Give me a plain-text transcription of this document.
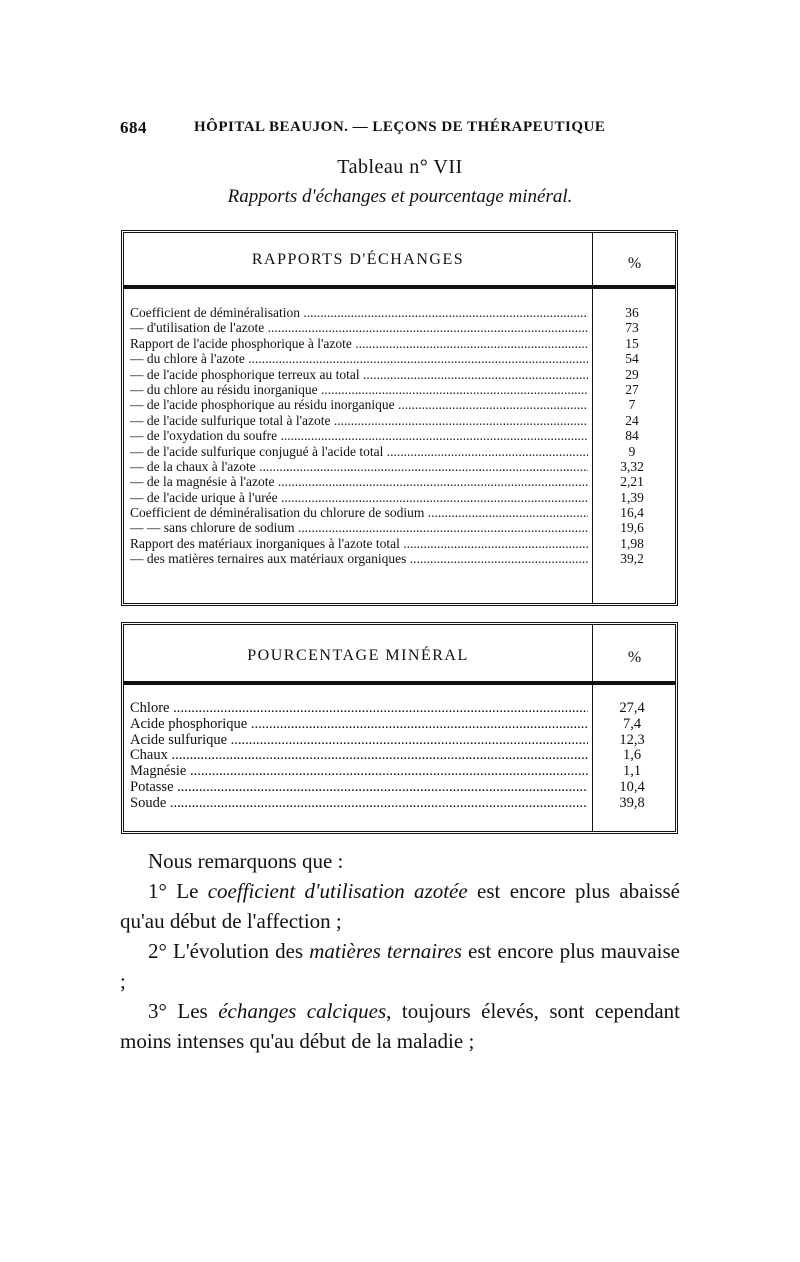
684	HÔPITAL BEAUJON. — LEÇONS DE THÉRAPEUTIQUE
Tableau n° VII
Rapports d'échanges et pourcentage minéral.
RAPPORTS D'ÉCHANGES	%
Coefficient de déminéralisation .....	36
— d'utilisation de l'azote .....	73
Rapport de l'acide phosphorique à l'azote .....	15
— du chlore à l'azote .....	54
— de l'acide phosphorique terreux au total .....	29
— du chlore au résidu inorganique .....	27
— de l'acide phosphorique au résidu inorganique .....	7
— de l'acide sulfurique total à l'azote .....	24
— de l'oxydation du soufre .....	84
— de l'acide sulfurique conjugué à l'acide total .....	9
— de la chaux à l'azote .....	3,32
— de la magnésie à l'azote .....	2,21
— de l'acide urique à l'urée .....	1,39
Coefficient de déminéralisation du chlorure de sodium .....	16,4
— — sans chlorure de sodium .....	19,6
Rapport des matériaux inorganiques à l'azote total .....	1,98
— des matières ternaires aux matériaux organiques .....	39,2
POURCENTAGE MINÉRAL	%
Chlore .....	27,4
Acide phosphorique .....	7,4
Acide sulfurique .....	12,3
Chaux .....	1,6
Magnésie .....	1,1
Potasse .....	10,4
Soude .....	39,8

Nous remarquons que :

1° Le coefficient d'utilisation azotée est encore plus abaissé qu'au début de l'affection ;

2° L'évolution des matières ternaires est encore plus mauvaise ;

3° Les échanges calciques, toujours élevés, sont cependant moins intenses qu'au début de la maladie ;
